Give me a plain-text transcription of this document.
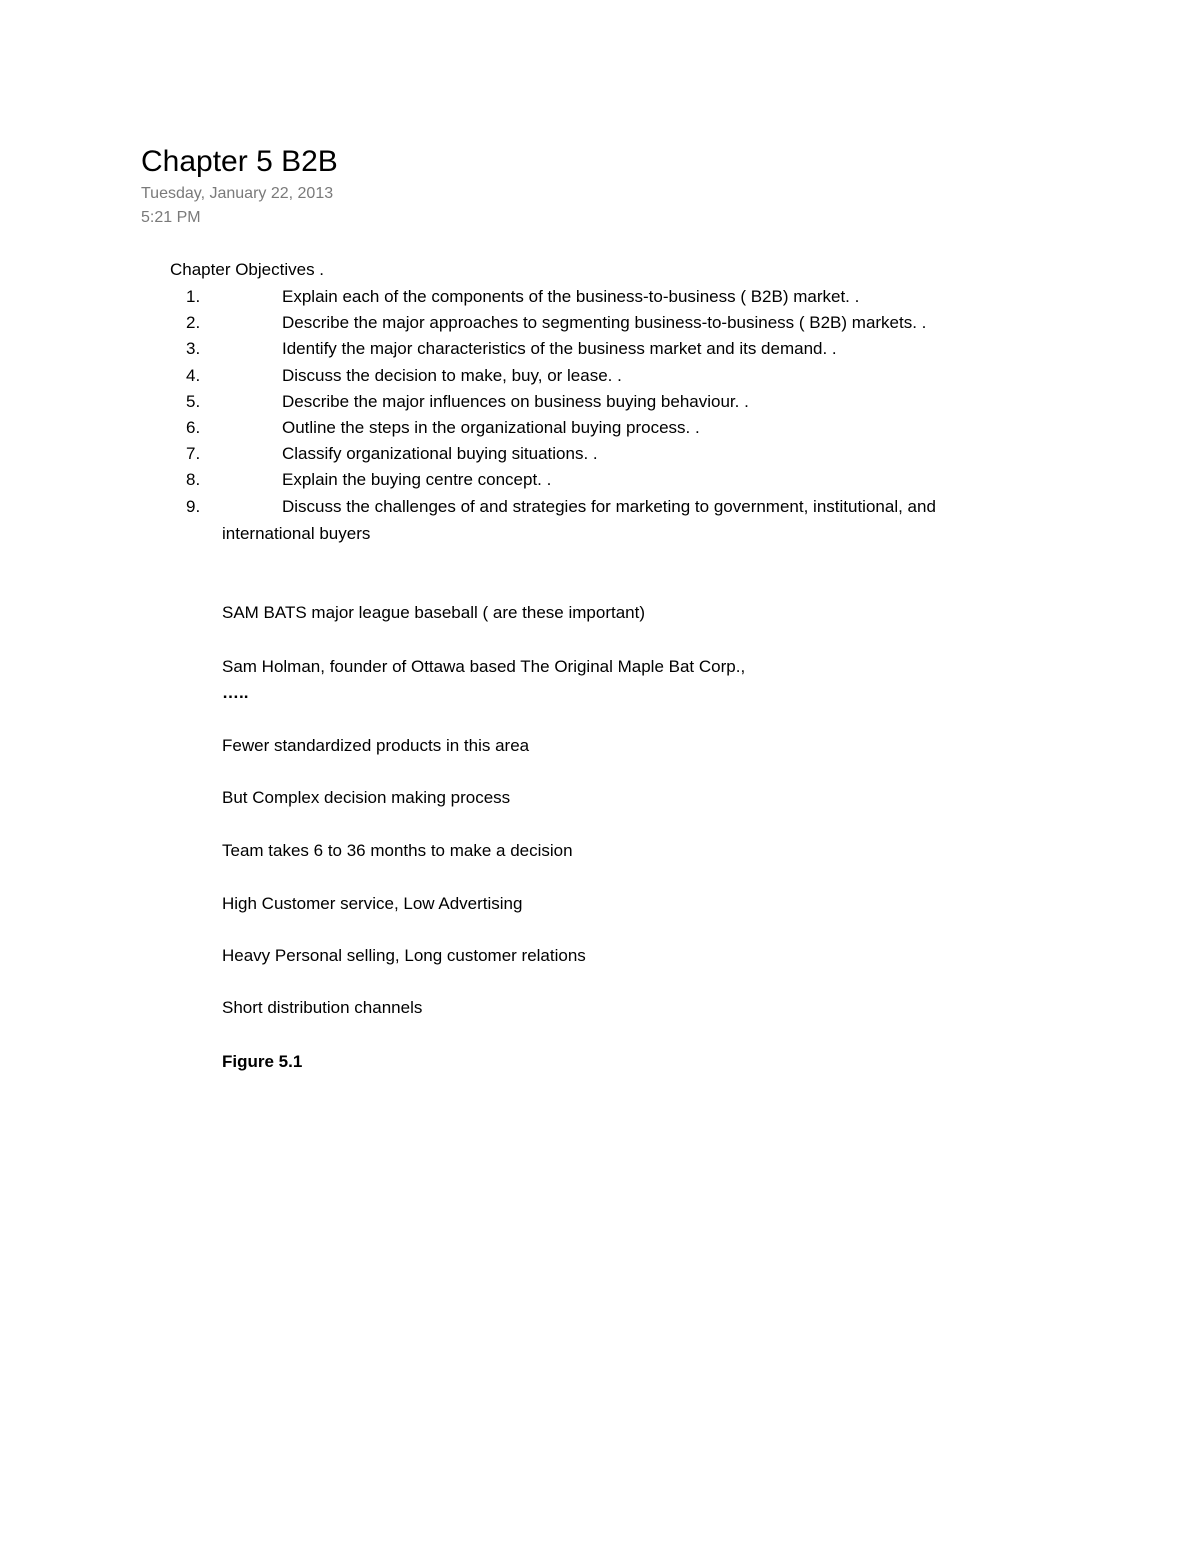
Chapter 5 B2B
Tuesday, January 22, 2013
5:21 PM
Chapter Objectives .
1.	Explain each of the components of the business-to-business ( B2B) market. .
2.	Describe the major approaches to segmenting business-to-business ( B2B) markets. .
3.	Identify the major characteristics of the business market and its demand. .
4.	Discuss the decision to make, buy, or lease. .
5.	Describe the major influences on business buying behaviour. .
6.	Outline the steps in the organizational buying process. .
7.	Classify organizational buying situations. .
8.	Explain the buying centre concept. .
9.	Discuss the challenges of and strategies for marketing to government, institutional, and
international buyers
SAM BATS major league baseball ( are these important)
Sam Holman, founder of Ottawa based The Original Maple Bat Corp.,
…..
Fewer standardized products in this area
But Complex decision making process
Team takes 6 to 36 months to make a decision
High Customer service, Low Advertising
Heavy Personal selling, Long customer relations
Short distribution channels
Figure 5.1
